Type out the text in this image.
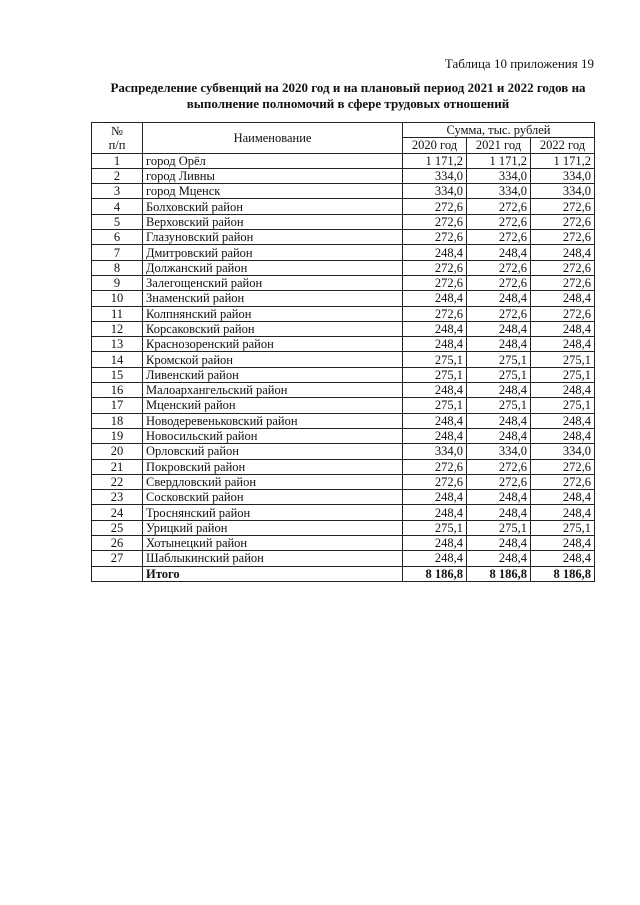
Таблица 10 приложения 19
Распределение субвенций на 2020 год и на плановый период 2021 и 2022 годов на
выполнение полномочий в сфере трудовых отношений
№
п/п	Наименование	Сумма, тыс. рублей		
		2020 год	2021 год	2022 год
1	город Орёл	1 171,2	1 171,2	1 171,2
2	город Ливны	334,0	334,0	334,0
3	город Мценск	334,0	334,0	334,0
4	Болховский район	272,6	272,6	272,6
5	Верховский район	272,6	272,6	272,6
6	Глазуновский район	272,6	272,6	272,6
7	Дмитровский район	248,4	248,4	248,4
8	Должанский район	272,6	272,6	272,6
9	Залегощенский район	272,6	272,6	272,6
10	Знаменский район	248,4	248,4	248,4
11	Колпнянский район	272,6	272,6	272,6
12	Корсаковский район	248,4	248,4	248,4
13	Краснозоренский район	248,4	248,4	248,4
14	Кромской район	275,1	275,1	275,1
15	Ливенский район	275,1	275,1	275,1
16	Малоархангельский район	248,4	248,4	248,4
17	Мценский район	275,1	275,1	275,1
18	Новодеревеньковский район	248,4	248,4	248,4
19	Новосильский район	248,4	248,4	248,4
20	Орловский район	334,0	334,0	334,0
21	Покровский район	272,6	272,6	272,6
22	Свердловский район	272,6	272,6	272,6
23	Сосковский район	248,4	248,4	248,4
24	Троснянский район	248,4	248,4	248,4
25	Урицкий район	275,1	275,1	275,1
26	Хотынецкий район	248,4	248,4	248,4
27	Шаблыкинский район	248,4	248,4	248,4
	Итого	8 186,8	8 186,8	8 186,8
